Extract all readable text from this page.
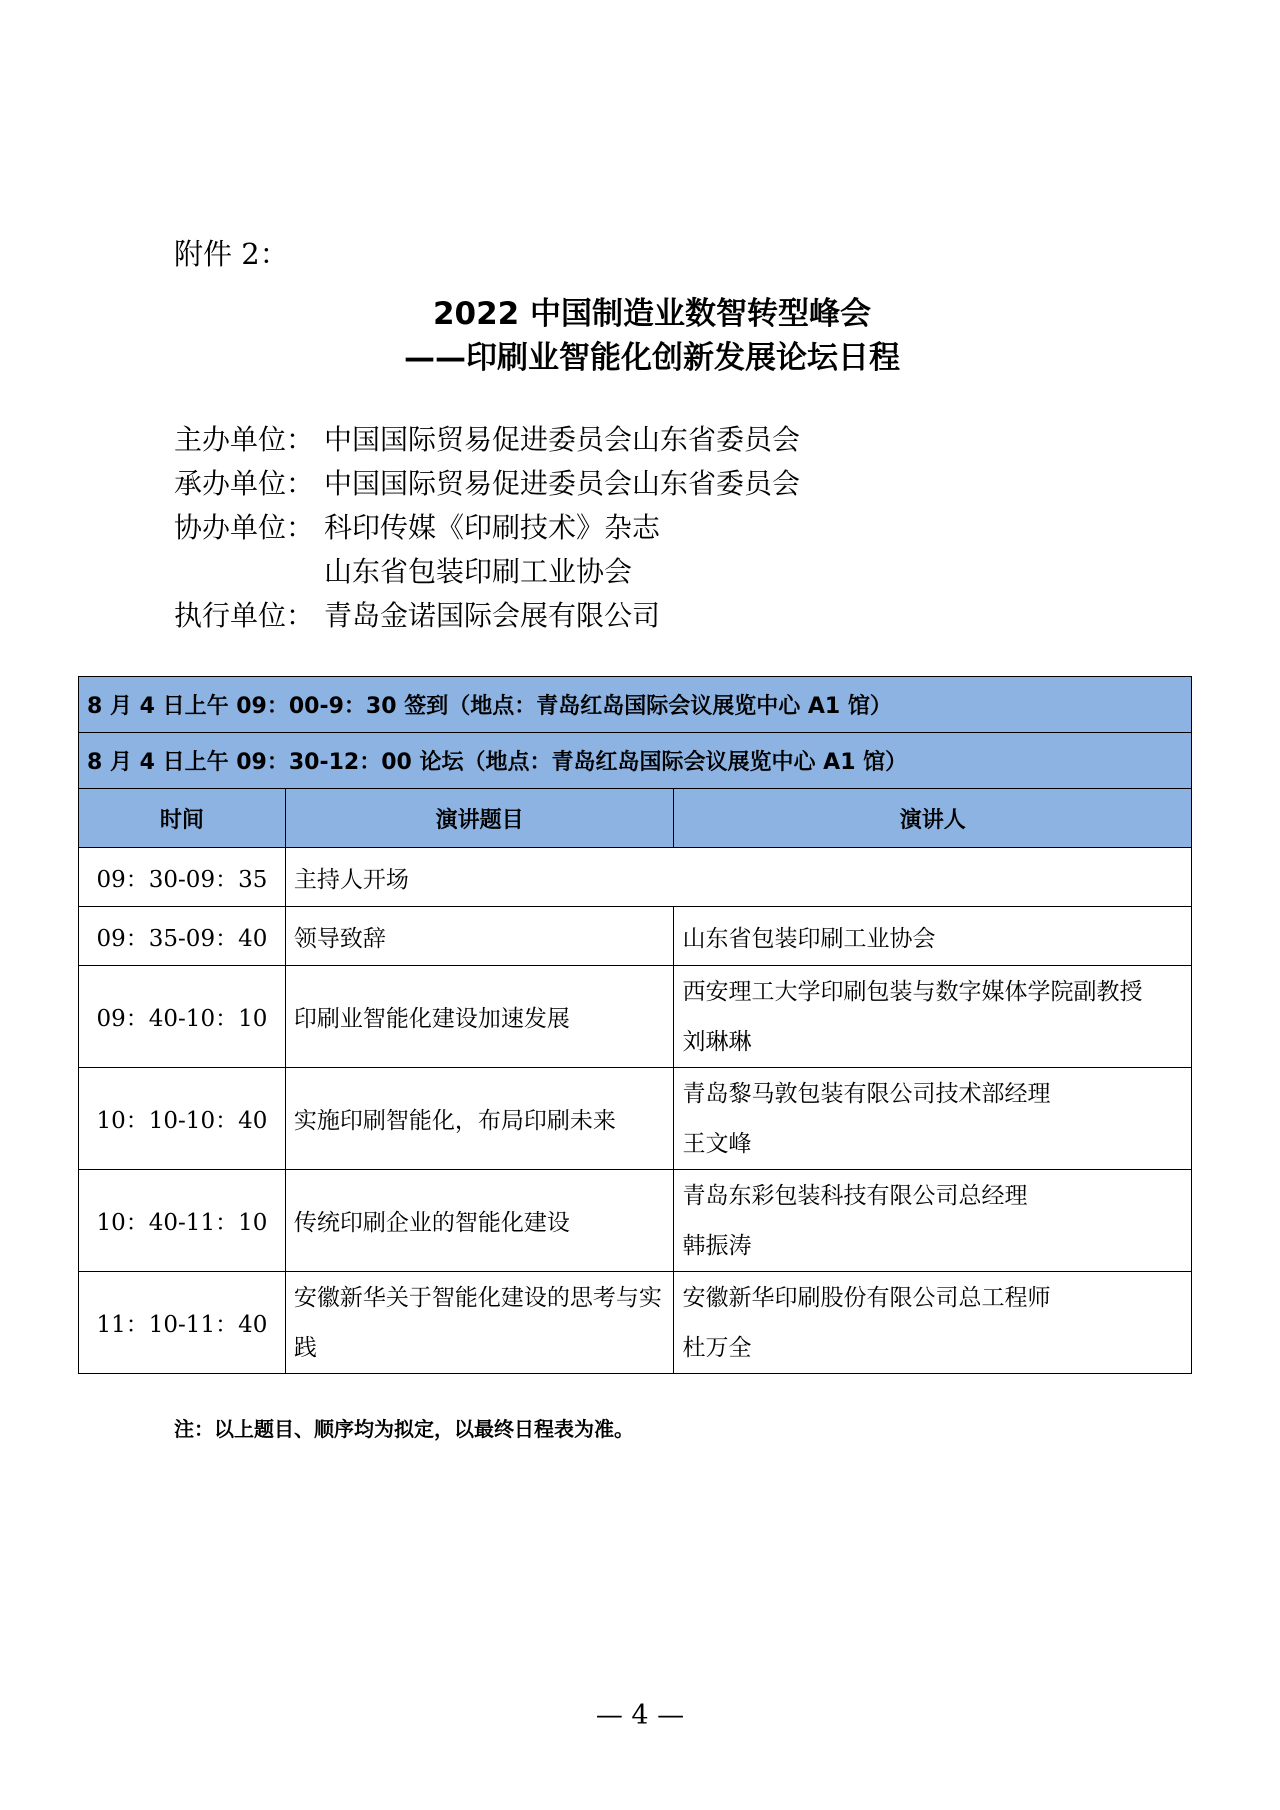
附件 2：
2022 中国制造业数智转型峰会
——印刷业智能化创新发展论坛日程
主办单位： 中国国际贸易促进委员会山东省委员会
承办单位： 中国国际贸易促进委员会山东省委员会
协办单位： 科印传媒《印刷技术》杂志
山东省包装印刷工业协会
执行单位： 青岛金诺国际会展有限公司
8 月 4 日上午 09：00-9：30 签到（地点：青岛红岛国际会议展览中心 A1 馆）		
8 月 4 日上午 09：30-12：00 论坛（地点：青岛红岛国际会议展览中心 A1 馆）		
时间	演讲题目	演讲人
09：30-09：35	主持人开场	
09：35-09：40	领导致辞	山东省包装印刷工业协会

09：40-10：10	印刷业智能化建设加速发展	西安理工大学印刷包装与数字媒体学院副教授
刘琳琳

10：10-10：40	实施印刷智能化，布局印刷未来	青岛黎马敦包装有限公司技术部经理
王文峰

10：40-11：10	传统印刷企业的智能化建设	青岛东彩包装科技有限公司总经理
韩振涛

11：10-11：40	安徽新华关于智能化建设的思考与实践	安徽新华印刷股份有限公司总工程师
杜万全
注：以上题目、顺序均为拟定，以最终日程表为准。
— 4 —
